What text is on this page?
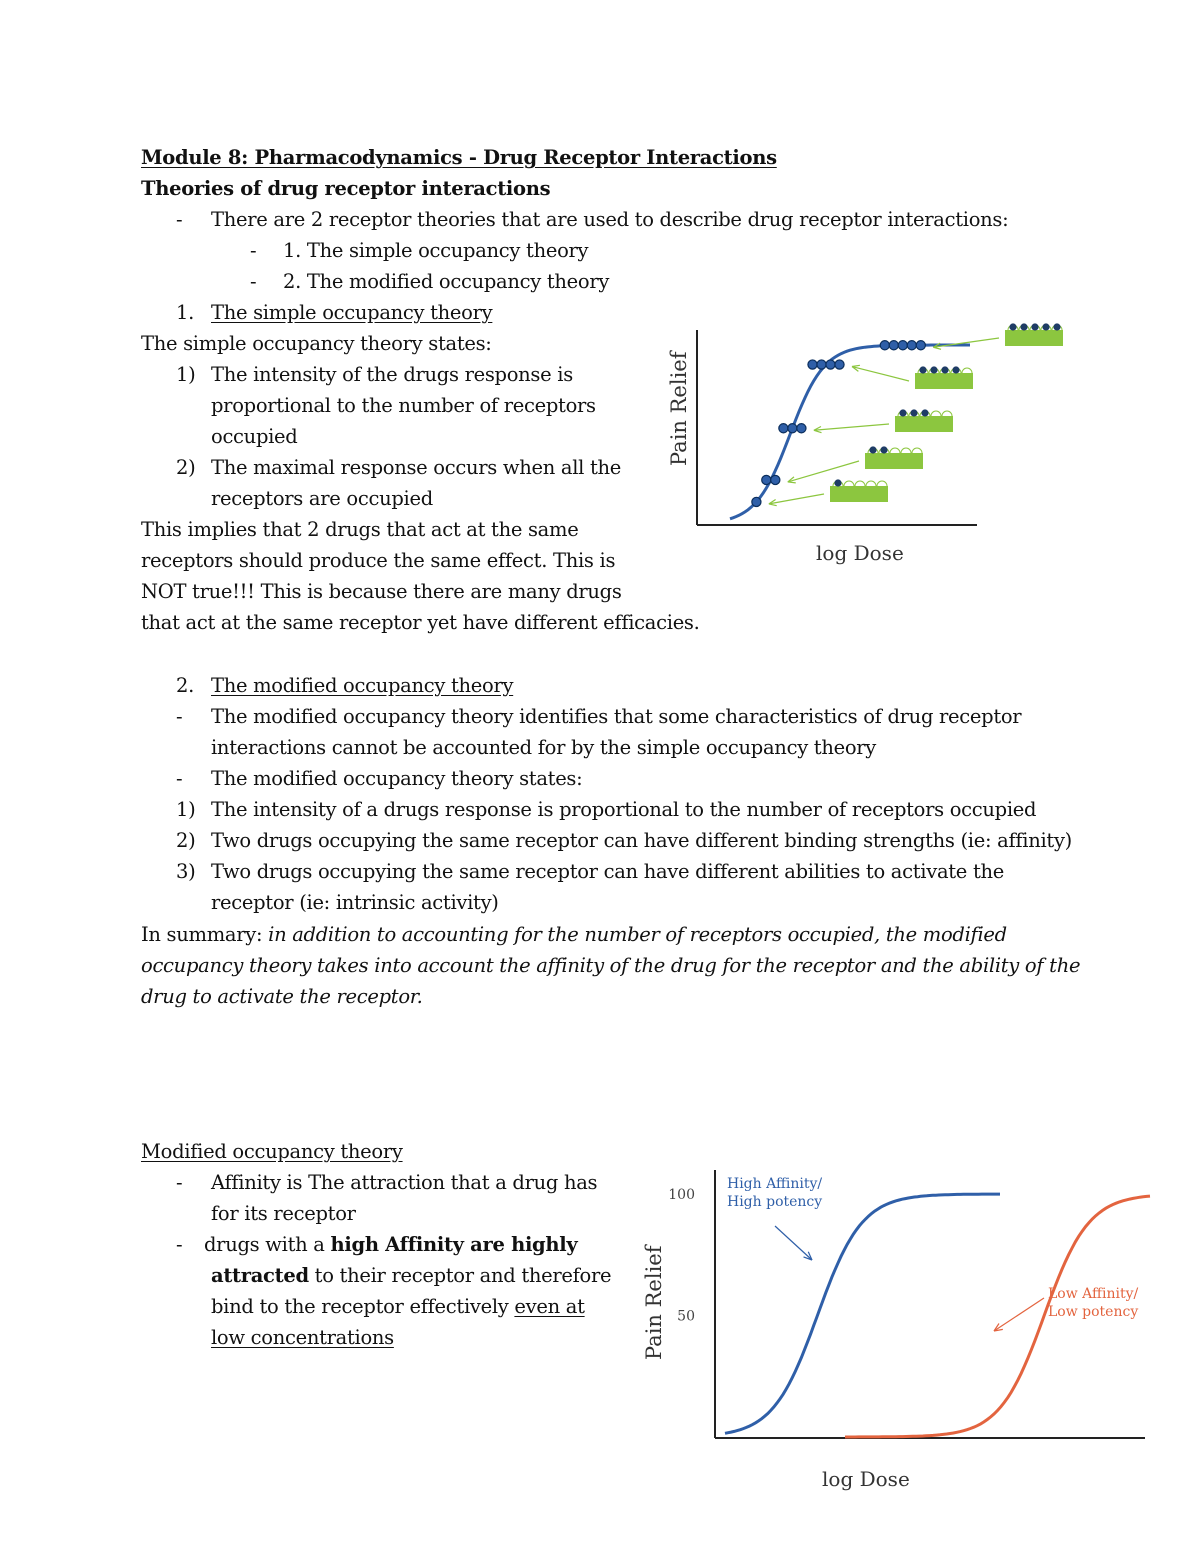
Module 8: Pharmacodynamics - Drug Receptor Interactions
Theories of drug receptor interactions
- There are 2 receptor theories that are used to describe drug receptor interactions:
- 1. The simple occupancy theory
- 2. The modified occupancy theory
1. The simple occupancy theory
The simple occupancy theory states:
1) The intensity of the drugs response is
proportional to the number of receptors
occupied
2) The maximal response occurs when all the
receptors are occupied
This implies that 2 drugs that act at the same
receptors should produce the same effect. This is
NOT true!!! This is because there are many drugs
that act at the same receptor yet have different efficacies.
Pain Relief
log Dose
2. The modified occupancy theory
- The modified occupancy theory identifies that some characteristics of drug receptor
interactions cannot be accounted for by the simple occupancy theory
- The modified occupancy theory states:
1) The intensity of a drugs response is proportional to the number of receptors occupied
2) Two drugs occupying the same receptor can have different binding strengths (ie: affinity)
3) Two drugs occupying the same receptor can have different abilities to activate the
receptor (ie: intrinsic activity)
In summary: in addition to accounting for the number of receptors occupied, the modified
occupancy theory takes into account the affinity of the drug for the receptor and the ability of the
drug to activate the receptor.
Modified occupancy theory
- Affinity is The attraction that a drug has
for its receptor
- drugs with a high Affinity are highly
attracted to their receptor and therefore
bind to the receptor effectively even at
low concentrations
100
50
Pain Relief
log Dose
High Affinity/
High potency
Low Affinity/
Low potency
